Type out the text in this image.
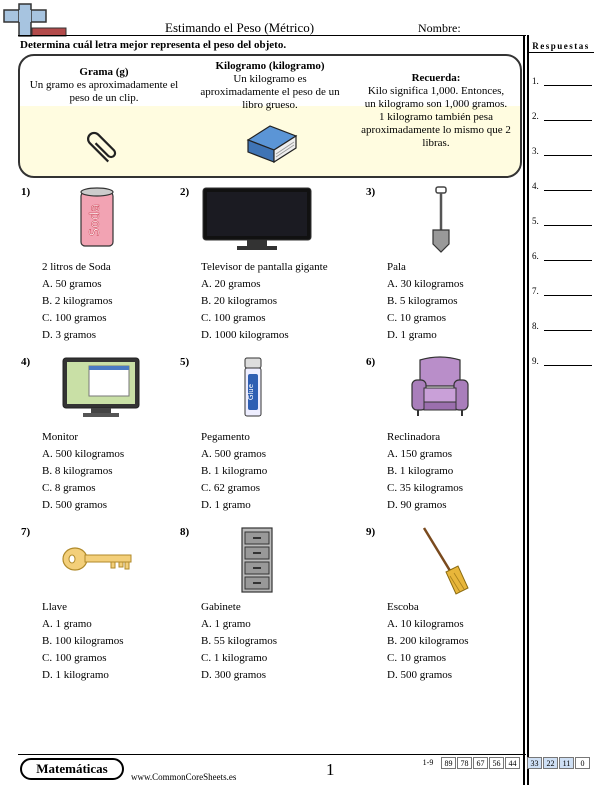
Estimando el Peso (Métrico)	Nombre:
Determina cuál letra mejor representa el peso del objeto.
Grama (g)
Un gramo es aproximadamente el
peso de un clip.
Kilogramo (kilogramo)
Un kilogramo es
aproximadamente el peso de un
libro grueso.
Recuerda:
Kilo significa 1,000. Entonces,
un kilogramo son 1,000 gramos.
1 kilogramo también pesa
aproximadamente lo mismo que 2
libras.
Respuestas
1.
2.
3.
4.
5.
6.
7.
8.
9.
1)
Soda
2 litros de Soda
A. 50 gramos
B. 2 kilogramos
C. 100 gramos
D. 3 gramos
2)
Televisor de pantalla gigante
A. 20 gramos
B. 20 kilogramos
C. 100 gramos
D. 1000 kilogramos
3)
Pala
A. 30 kilogramos
B. 5 kilogramos
C. 10 gramos
D. 1 gramo
4)
Monitor
A. 500 kilogramos
B. 8 kilogramos
C. 8 gramos
D. 500 gramos
5)
Glue
Pegamento
A. 500 gramos
B. 1 kilogramo
C. 62 gramos
D. 1 gramo
6)
Reclinadora
A. 150 gramos
B. 1 kilogramo
C. 35 kilogramos
D. 90 gramos
7)
Llave
A. 1 gramo
B. 100 kilogramos
C. 100 gramos
D. 1 kilogramo
8)
Gabinete
A. 1 gramo
B. 55 kilogramos
C. 1 kilogramo
D. 300 gramos
9)
Escoba
A. 10 kilogramos
B. 200 kilogramos
C. 10 gramos
D. 500 gramos
Matemáticas
www.CommonCoreSheets.es	1	1-9	89	78	67	56	44	33	22	11	0
